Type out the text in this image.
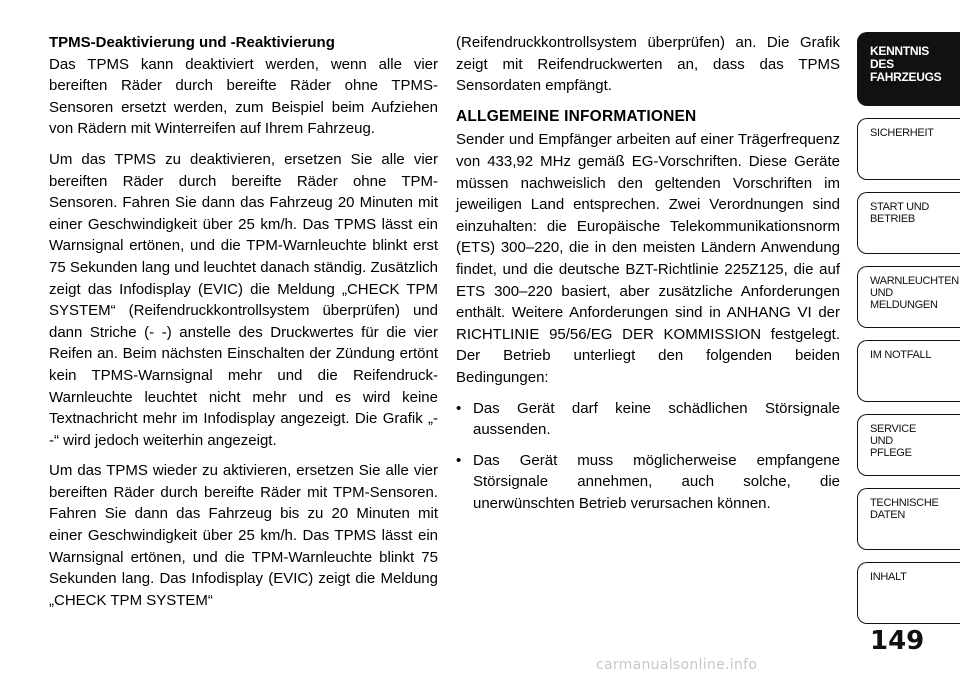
TPMS-Deaktivierung und -Reaktivierung

Das TPMS kann deaktiviert werden, wenn alle vier bereiften Räder durch bereifte Räder ohne TPMS-Sensoren ersetzt werden, zum Beispiel beim Aufziehen von Rädern mit Winterreifen auf Ihrem Fahrzeug.

Um das TPMS zu deaktivieren, ersetzen Sie alle vier bereiften Räder durch bereifte Räder ohne TPM-Sensoren. Fahren Sie dann das Fahrzeug 20 Minuten mit einer Geschwindigkeit über 25 km/h. Das TPMS lässt ein Warnsignal ertönen, und die TPM-Warnleuchte blinkt erst 75 Sekunden lang und leuchtet danach ständig. Zusätzlich zeigt das Infodisplay (EVIC) die Meldung „CHECK TPM SYSTEM“ (Reifendruckkontrollsystem überprüfen) und dann Striche (- -) anstelle des Druckwertes für die vier Reifen an. Beim nächsten Einschalten der Zündung ertönt kein TPMS-Warnsignal mehr und die Reifendruck-Warnleuchte leuchtet nicht mehr und es wird keine Textnachricht mehr im Infodisplay angezeigt. Die Grafik „- -“ wird jedoch weiterhin angezeigt.

Um das TPMS wieder zu aktivieren, ersetzen Sie alle vier bereiften Räder durch bereifte Räder mit TPM-Sensoren. Fahren Sie dann das Fahrzeug bis zu 20 Minuten mit einer Geschwindigkeit über 25 km/h. Das TPMS lässt ein Warnsignal ertönen, und die TPM-Warnleuchte blinkt 75 Sekunden lang. Das Infodisplay (EVIC) zeigt die Meldung „CHECK TPM SYSTEM“

(Reifendruckkontrollsystem überprüfen) an. Die Grafik zeigt mit Reifendruckwerten an, dass das TPMS Sensordaten empfängt.

ALLGEMEINE INFORMATIONEN

Sender und Empfänger arbeiten auf einer Trägerfrequenz von 433,92 MHz gemäß EG-Vorschriften. Diese Geräte müssen nachweislich den geltenden Vorschriften im jeweiligen Land entsprechen. Zwei Verordnungen sind einzuhalten: die Europäische Telekommunikationsnorm (ETS) 300–220, die in den meisten Ländern Anwendung findet, und die deutsche BZT-Richtlinie 225Z125, die auf ETS 300–220 basiert, aber zusätzliche Anforderungen enthält. Weitere Anforderungen sind in ANHANG VI der RICHTLINIE 95/56/EG DER KOMMISSION festgelegt. Der Betrieb unterliegt den folgenden beiden Bedingungen:

• Das Gerät darf keine schädlichen Störsignale aussenden.
• Das Gerät muss möglicherweise empfangene Störsignale annehmen, auch solche, die unerwünschten Betrieb verursachen können.
KENNTNIS
DES
FAHRZEUGS
SICHERHEIT
START UND
BETRIEB
WARNLEUCHTEN
UND
MELDUNGEN
IM NOTFALL
SERVICE
UND
PFLEGE
TECHNISCHE
DATEN
INHALT
149
carmanualsonline.info
